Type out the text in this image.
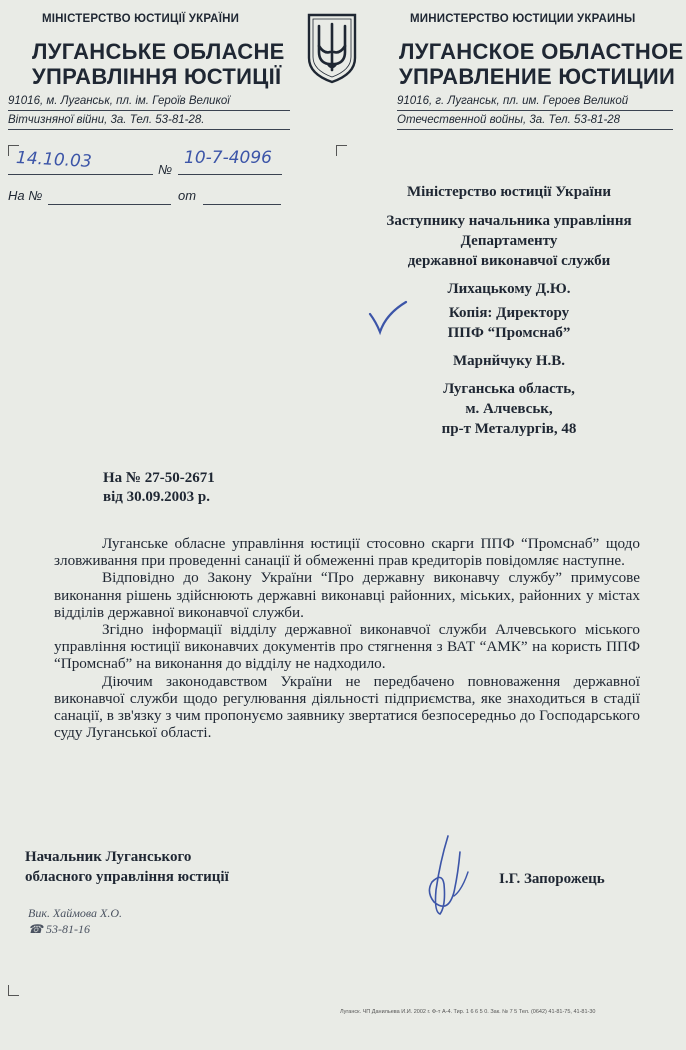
МІНІСТЕРСТВО ЮСТИЦІЇ УКРАЇНИ
ЛУГАНСЬКЕ ОБЛАСНЕ
УПРАВЛІННЯ ЮСТИЦІЇ
91016, м. Луганськ, пл. ім. Героїв Великої
Вітчизняної війни, 3а. Тел. 53-81-28.
МИНИСТЕРСТВО ЮСТИЦИИ УКРАИНЫ
ЛУГАНСКОЕ ОБЛАСТНОЕ
УПРАВЛЕНИЕ ЮСТИЦИИ
91016, г. Луганськ, пл. им. Героев Великой
Отечественной войны, 3а. Тел. 53-81-28
14.10.03	№
10-7-4096
На №	от	Міністерство юстиції України
Заступнику начальника управління
Департаменту
державної виконавчої служби
Лихацькому Д.Ю.
Копія: Директору
ППФ “Промснаб”
Марнйчуку Н.В.
Луганська область,
м. Алчевськ,
пр-т Металургів, 48
На № 27-50-2671
від 30.09.2003 р.

Луганське обласне управління юстиції стосовно скарги ППФ “Промснаб” щодо зловживання при проведенні санації й обмеженні прав кредиторів повідомляє наступне.

Відповідно до Закону України “Про державну виконавчу службу” примусове виконання рішень здійснюють державні виконавці районних, міських, районних у містах відділів державної виконавчої служби.

Згідно інформації відділу державної виконавчої служби Алчевського міського управління юстиції виконавчих документів про стягнення з ВАТ “АМК” на користь ППФ “Промснаб” на виконання до відділу не надходило.

Діючим законодавством України не передбачено повноваження державної виконавчої служби щодо регулювання діяльності підприємства, яке знаходиться в стадії санації, в зв'язку з чим пропонуємо заявнику звертатися безпосередньо до Господарського суду Луганської області.

Начальник Луганського
обласного управління юстиції	І.Г. Запорожець
Вик. Хаймова Х.О.
☎ 53-81-16
Луганск. ЧП Данильева И.И. 2002 г. Ф-т А-4. Тир. 1 6 6 5 0. Зак. № 7 5 Тел. (0642) 41-81-75, 41-81-30
